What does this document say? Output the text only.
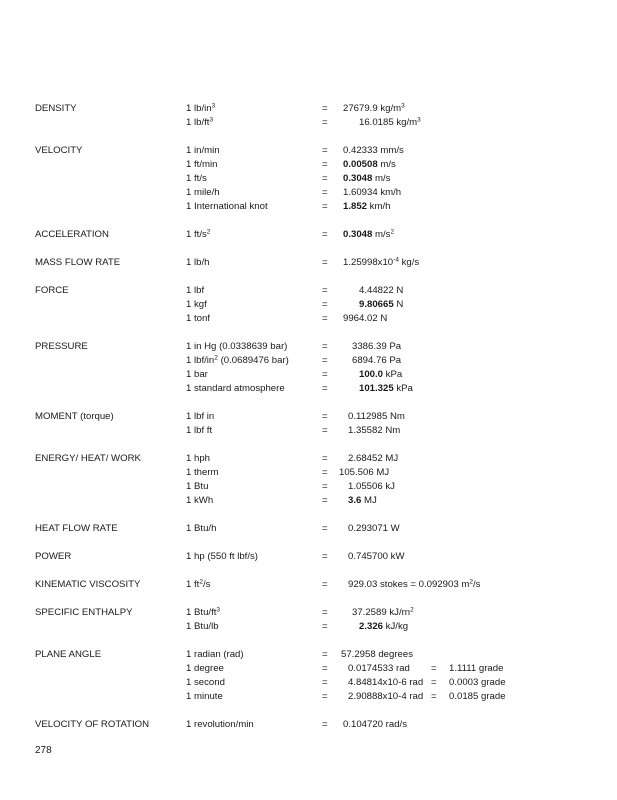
DENSITY	1 $lb/in^3$	= 27679.9 $kg/m^3$
1 $lb/ft^3$	=	16.0185 $kg/m^3$
VELOCITY	1 in/min	= 0.42333 mm/s
1 ft/min	= 0.00508 m/s
1 ft/s	= 0.3048 m/s
1 mile/h	= 1.60934 km/h
1 International knot	= 1.852 km/h
ACCELERATION	1 $ft/s^2$	= 0.3048 $m/s^2$
MASS FLOW RATE	1 lb/h	= $1.25998x10^{-4}$ kg/s
FORCE	1 lbf	=	4.44822 N
1 kgf	=	9.80665 N
1 tonf	= 9964.02 N
PRESSURE	1 in Hg (0.0338639 bar)	=	3386.39 Pa
1 lbf/$in^2$ (0.0689476 bar)	=	6894.76 Pa
1 bar	=	100.0 kPa
1 standard atmosphere	=	101.325 kPa
MOMENT (torque)	1 lbf in	=	0.112985 Nm
1 lbf ft	=	1.35582 Nm
ENERGY/ HEAT/ WORK	1 hph	=	2.68452 MJ
1 therm	= 105.506 MJ
1 Btu	=	1.05506 kJ
1 kWh	=	3.6 MJ
HEAT FLOW RATE	1 Btu/h	=	0.293071 W
POWER	1 hp (550 ft lbf/s)	=	0.745700 kW
KINEMATIC VISCOSITY	1 $ft^2/s$	=	929.03 stokes = 0.092903 $m^2/s$
SPECIFIC ENTHALPY	1 Btu/$ft^3$	=	37.2589 $kJ/rn^2$
1 Btu/lb	=	2.326 kJ/kg
PLANE ANGLE	1 radian (rad)	= 57.2958 degrees
1 degree	=	0.0174533 rad = 1.1111 grade
1 second	=	4.84814x10-6 rad = 0.0003 grade
1 minute	=	2.90888x10-4 rad = 0.0185 grade
VELOCITY OF ROTATION	1 revolution/min	= 0.104720 rad/s
278
